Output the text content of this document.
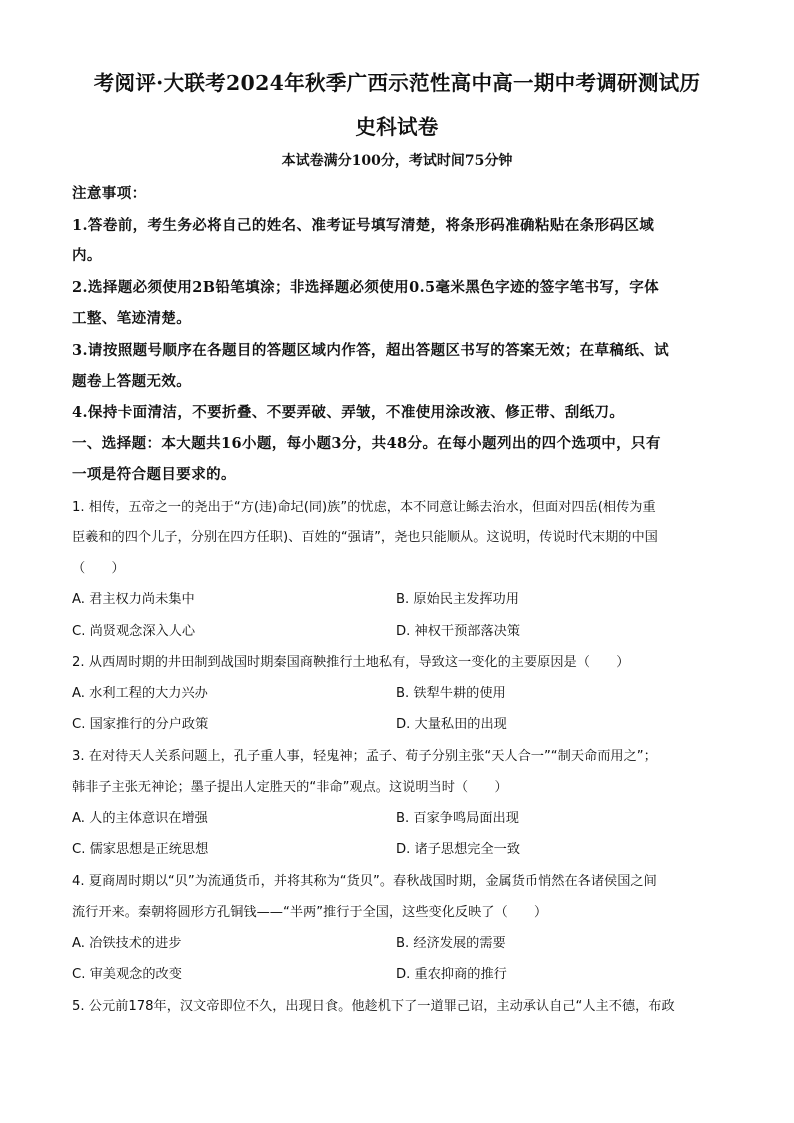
考阅评·大联考2024年秋季广西示范性高中高一期中考调研测试历
史科试卷
本试卷满分100分，考试时间75分钟
注意事项：
1.答卷前，考生务必将自己的姓名、准考证号填写清楚，将条形码准确粘贴在条形码区域
内。
2.选择题必须使用2B铅笔填涂；非选择题必须使用0.5毫米黑色字迹的签字笔书写，字体
工整、笔迹清楚。
3.请按照题号顺序在各题目的答题区域内作答，超出答题区书写的答案无效；在草稿纸、试
题卷上答题无效。
4.保持卡面清洁，不要折叠、不要弄破、弄皱，不准使用涂改液、修正带、刮纸刀。
一、选择题：本大题共16小题，每小题3分，共48分。在每小题列出的四个选项中，只有
一项是符合题目要求的。
1. 相传，五帝之一的尧出于“方(违)命圮(同)族”的忧虑，本不同意让鲧去治水，但面对四岳(相传为重
臣羲和的四个儿子，分别在四方任职)、百姓的“强请”，尧也只能顺从。这说明，传说时代末期的中国
（　　）
A. 君主权力尚未集中	B. 原始民主发挥功用
C. 尚贤观念深入人心	D. 神权干预部落决策
2. 从西周时期的井田制到战国时期秦国商鞅推行土地私有，导致这一变化的主要原因是（　　）
A. 水利工程的大力兴办	B. 铁犁牛耕的使用
C. 国家推行的分户政策	D. 大量私田的出现
3. 在对待天人关系问题上，孔子重人事，轻鬼神；孟子、荀子分别主张“天人合一”“制天命而用之”；
韩非子主张无神论；墨子提出人定胜天的“非命”观点。这说明当时（　　）
A. 人的主体意识在增强	B. 百家争鸣局面出现
C. 儒家思想是正统思想	D. 诸子思想完全一致
4. 夏商周时期以“贝”为流通货币，并将其称为“货贝”。春秋战国时期，金属货币悄然在各诸侯国之间
流行开来。秦朝将圆形方孔铜钱——“半两”推行于全国，这些变化反映了（　　）
A. 冶铁技术的进步	B. 经济发展的需要
C. 审美观念的改变	D. 重农抑商的推行
5. 公元前178年，汉文帝即位不久，出现日食。他趁机下了一道罪己诏，主动承认自己“人主不德，布政
